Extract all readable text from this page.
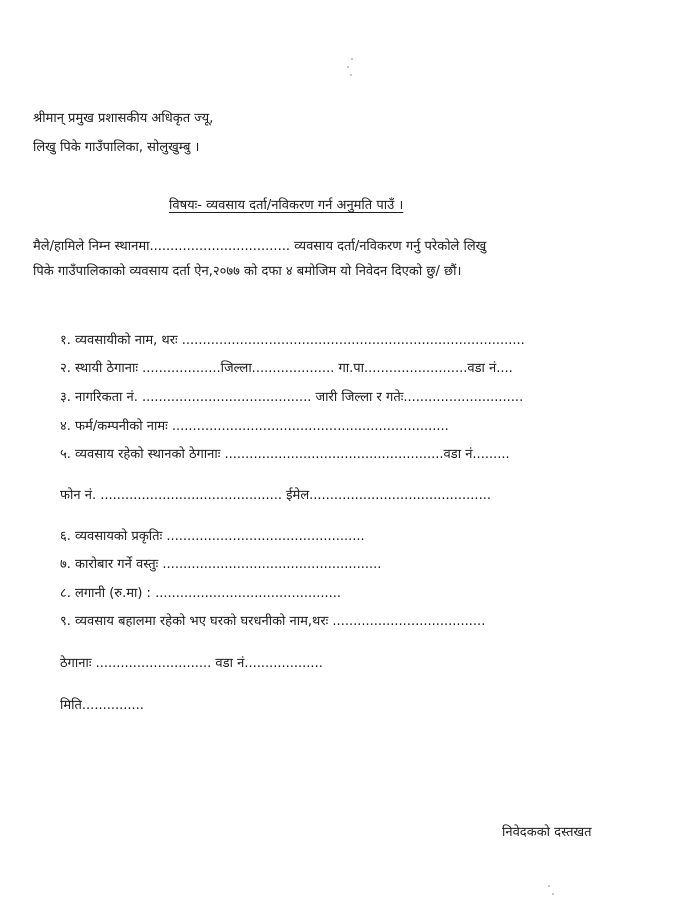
श्रीमान् प्रमुख प्रशासकीय अधिकृत ज्यू,
लिखु पिके गाउँपालिका, सोलुखुम्बु ।
विषयः- व्यवसाय दर्ता/नविकरण गर्न अनुमति पाउँ ।
मैले/हामिले निम्न स्थानमा.................................. व्यवसाय दर्ता/नविकरण गर्नु परेकोले लिखु
पिके गाउँपालिकाको व्यवसाय दर्ता ऐन,२०७७ को दफा ४ बमोजिम यो निवेदन दिएको छु/ छौं।
१. व्यवसायीको नाम, थरः ...................................................................................
२. स्थायी ठेगानाः ...................जिल्ला.................... गा.पा.........................वडा नं....
३. नागरिकता नं. ......................................... जारी जिल्ला र गतेः.............................
४. फर्म/कम्पनीको नामः ...................................................................
५. व्यवसाय रहेको स्थानको ठेगानाः .....................................................वडा नं.........
फोन नं. ............................................ ईमेल............................................
६. व्यवसायको प्रकृतिः ................................................
७. कारोबार गर्ने वस्तुः .....................................................
८. लगानी (रु.मा) : .............................................
९. व्यवसाय बहालमा रहेको भए घरको घरधनीको नाम,थरः .....................................
ठेगानाः ............................ वडा नं...................
मिति...............
निवेदकको दस्तखत
